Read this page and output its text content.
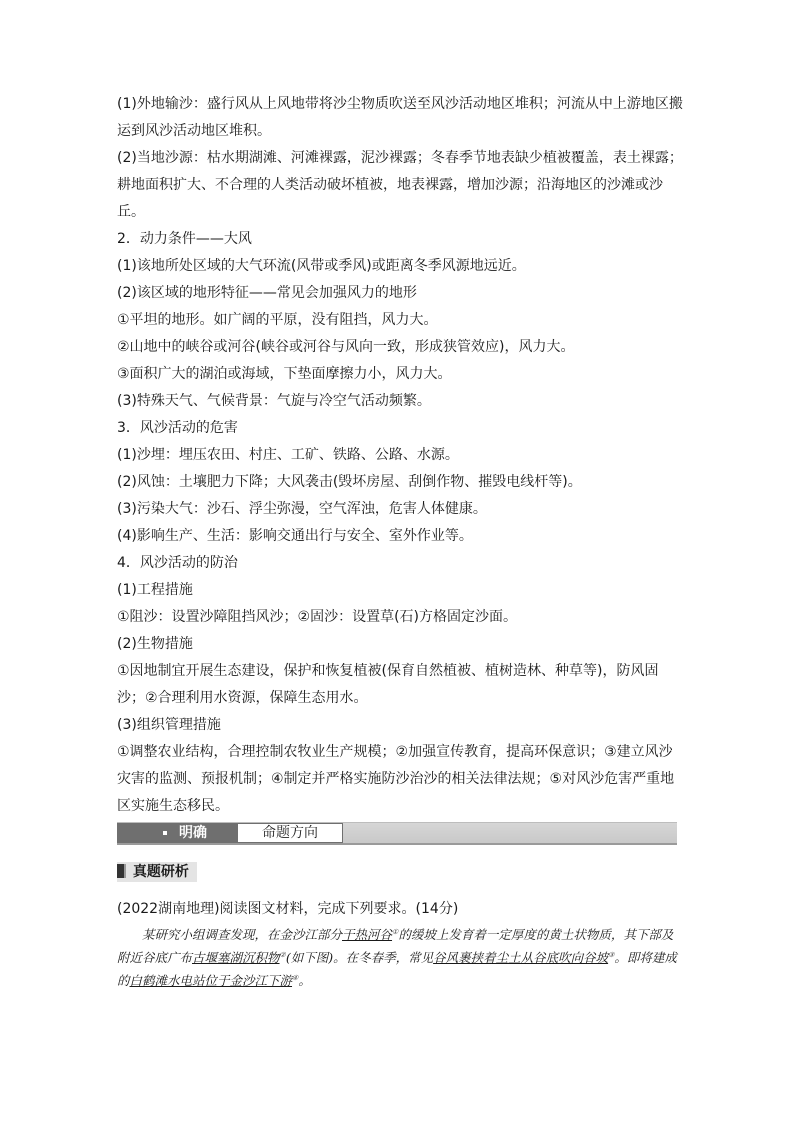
(1)外地输沙：盛行风从上风地带将沙尘物质吹送至风沙活动地区堆积；河流从中上游地区搬运到风沙活动地区堆积。

(2)当地沙源：枯水期湖滩、河滩裸露，泥沙裸露；冬春季节地表缺少植被覆盖，表土裸露；耕地面积扩大、不合理的人类活动破坏植被，地表裸露，增加沙源；沿海地区的沙滩或沙丘。

2．动力条件——大风

(1)该地所处区域的大气环流(风带或季风)或距离冬季风源地远近。

(2)该区域的地形特征——常见会加强风力的地形

①平坦的地形。如广阔的平原，没有阻挡，风力大。

②山地中的峡谷或河谷(峡谷或河谷与风向一致，形成狭管效应)，风力大。

③面积广大的湖泊或海域，下垫面摩擦力小，风力大。

(3)特殊天气、气候背景：气旋与冷空气活动频繁。

3．风沙活动的危害

(1)沙埋：埋压农田、村庄、工矿、铁路、公路、水源。

(2)风蚀：土壤肥力下降；大风袭击(毁坏房屋、刮倒作物、摧毁电线杆等)。

(3)污染大气：沙石、浮尘弥漫，空气浑浊，危害人体健康。

(4)影响生产、生活：影响交通出行与安全、室外作业等。

4．风沙活动的防治

(1)工程措施

①阻沙：设置沙障阻挡风沙；②固沙：设置草(石)方格固定沙面。

(2)生物措施

①因地制宜开展生态建设，保护和恢复植被(保育自然植被、植树造林、种草等)，防风固沙；②合理利用水资源，保障生态用水。

(3)组织管理措施

①调整农业结构，合理控制农牧业生产规模；②加强宣传教育，提高环保意识；③建立风沙灾害的监测、预报机制；④制定并严格实施防沙治沙的相关法律法规；⑤对风沙危害严重地区实施生态移民。

明确	命题方向
真题研析
(2022湖南地理)阅读图文材料，完成下列要求。(14分)
某研究小组调查发现，在金沙江部分干热河谷①的缓坡上发育着一定厚度的黄土状物质，其下部及附近谷底广布古堰塞湖沉积物②(如下图)。在冬春季，常见谷风裹挟着尘土从谷底吹向谷坡③。即将建成的白鹤滩水电站位于金沙江下游④。
